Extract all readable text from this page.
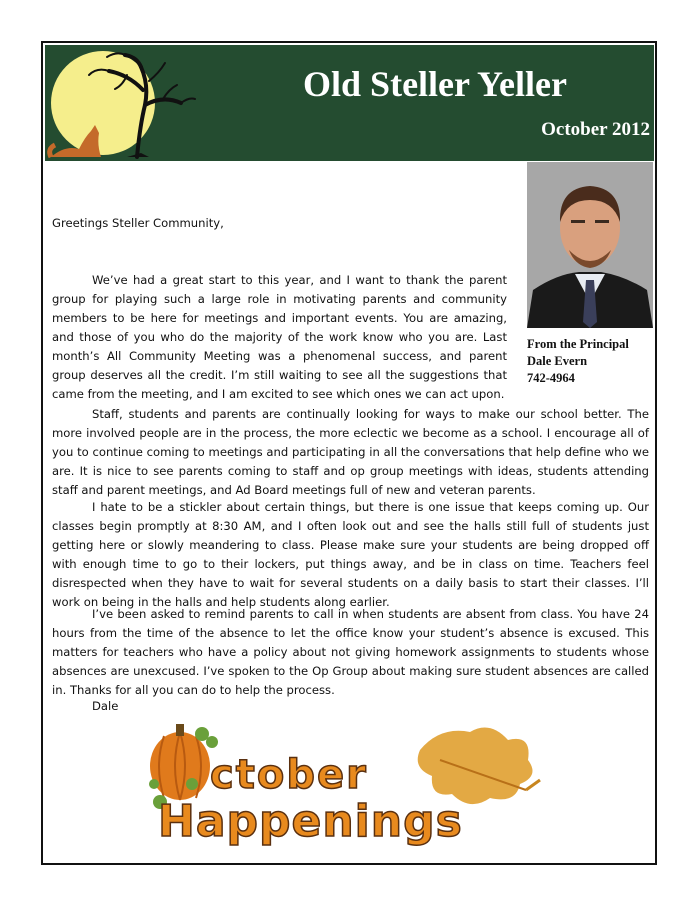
Old Steller Yeller
October 2012
From the Principal
Dale Evern
742-4964

Greetings Steller Community,

We’ve had a great start to this year, and I want to thank the parent group for playing such a large role in motivating parents and community members to be here for meetings and important events. You are amazing, and those of you who do the majority of the work know who you are. Last month’s All Community Meeting was a phenomenal success, and parent group deserves all the credit. I’m still waiting to see all the suggestions that came from the meeting, and I am excited to see which ones we can act upon.

Staff, students and parents are continually looking for ways to make our school better. The more involved people are in the process, the more eclectic we become as a school. I encourage all of you to continue coming to meetings and participating in all the conversations that help define who we are. It is nice to see parents coming to staff and op group meetings with ideas, students attending staff and parent meetings, and Ad Board meetings full of new and veteran parents.

I hate to be a stickler about certain things, but there is one issue that keeps coming up. Our classes begin promptly at 8:30 AM, and I often look out and see the halls still full of students just getting here or slowly meandering to class. Please make sure your students are being dropped off with enough time to go to their lockers, put things away, and be in class on time. Teachers feel disrespected when they have to wait for several students on a daily basis to start their classes. I’ll work on being in the halls and help students along earlier.

I’ve been asked to remind parents to call in when students are absent from class. You have 24 hours from the time of the absence to let the office know your student’s absence is excused. This matters for teachers who have a policy about not giving homework assignments to students whose absences are unexcused. I’ve spoken to the Op Group about making sure student absences are called in. Thanks for all you can do to help the process.

Dale

ctober
Happenings
